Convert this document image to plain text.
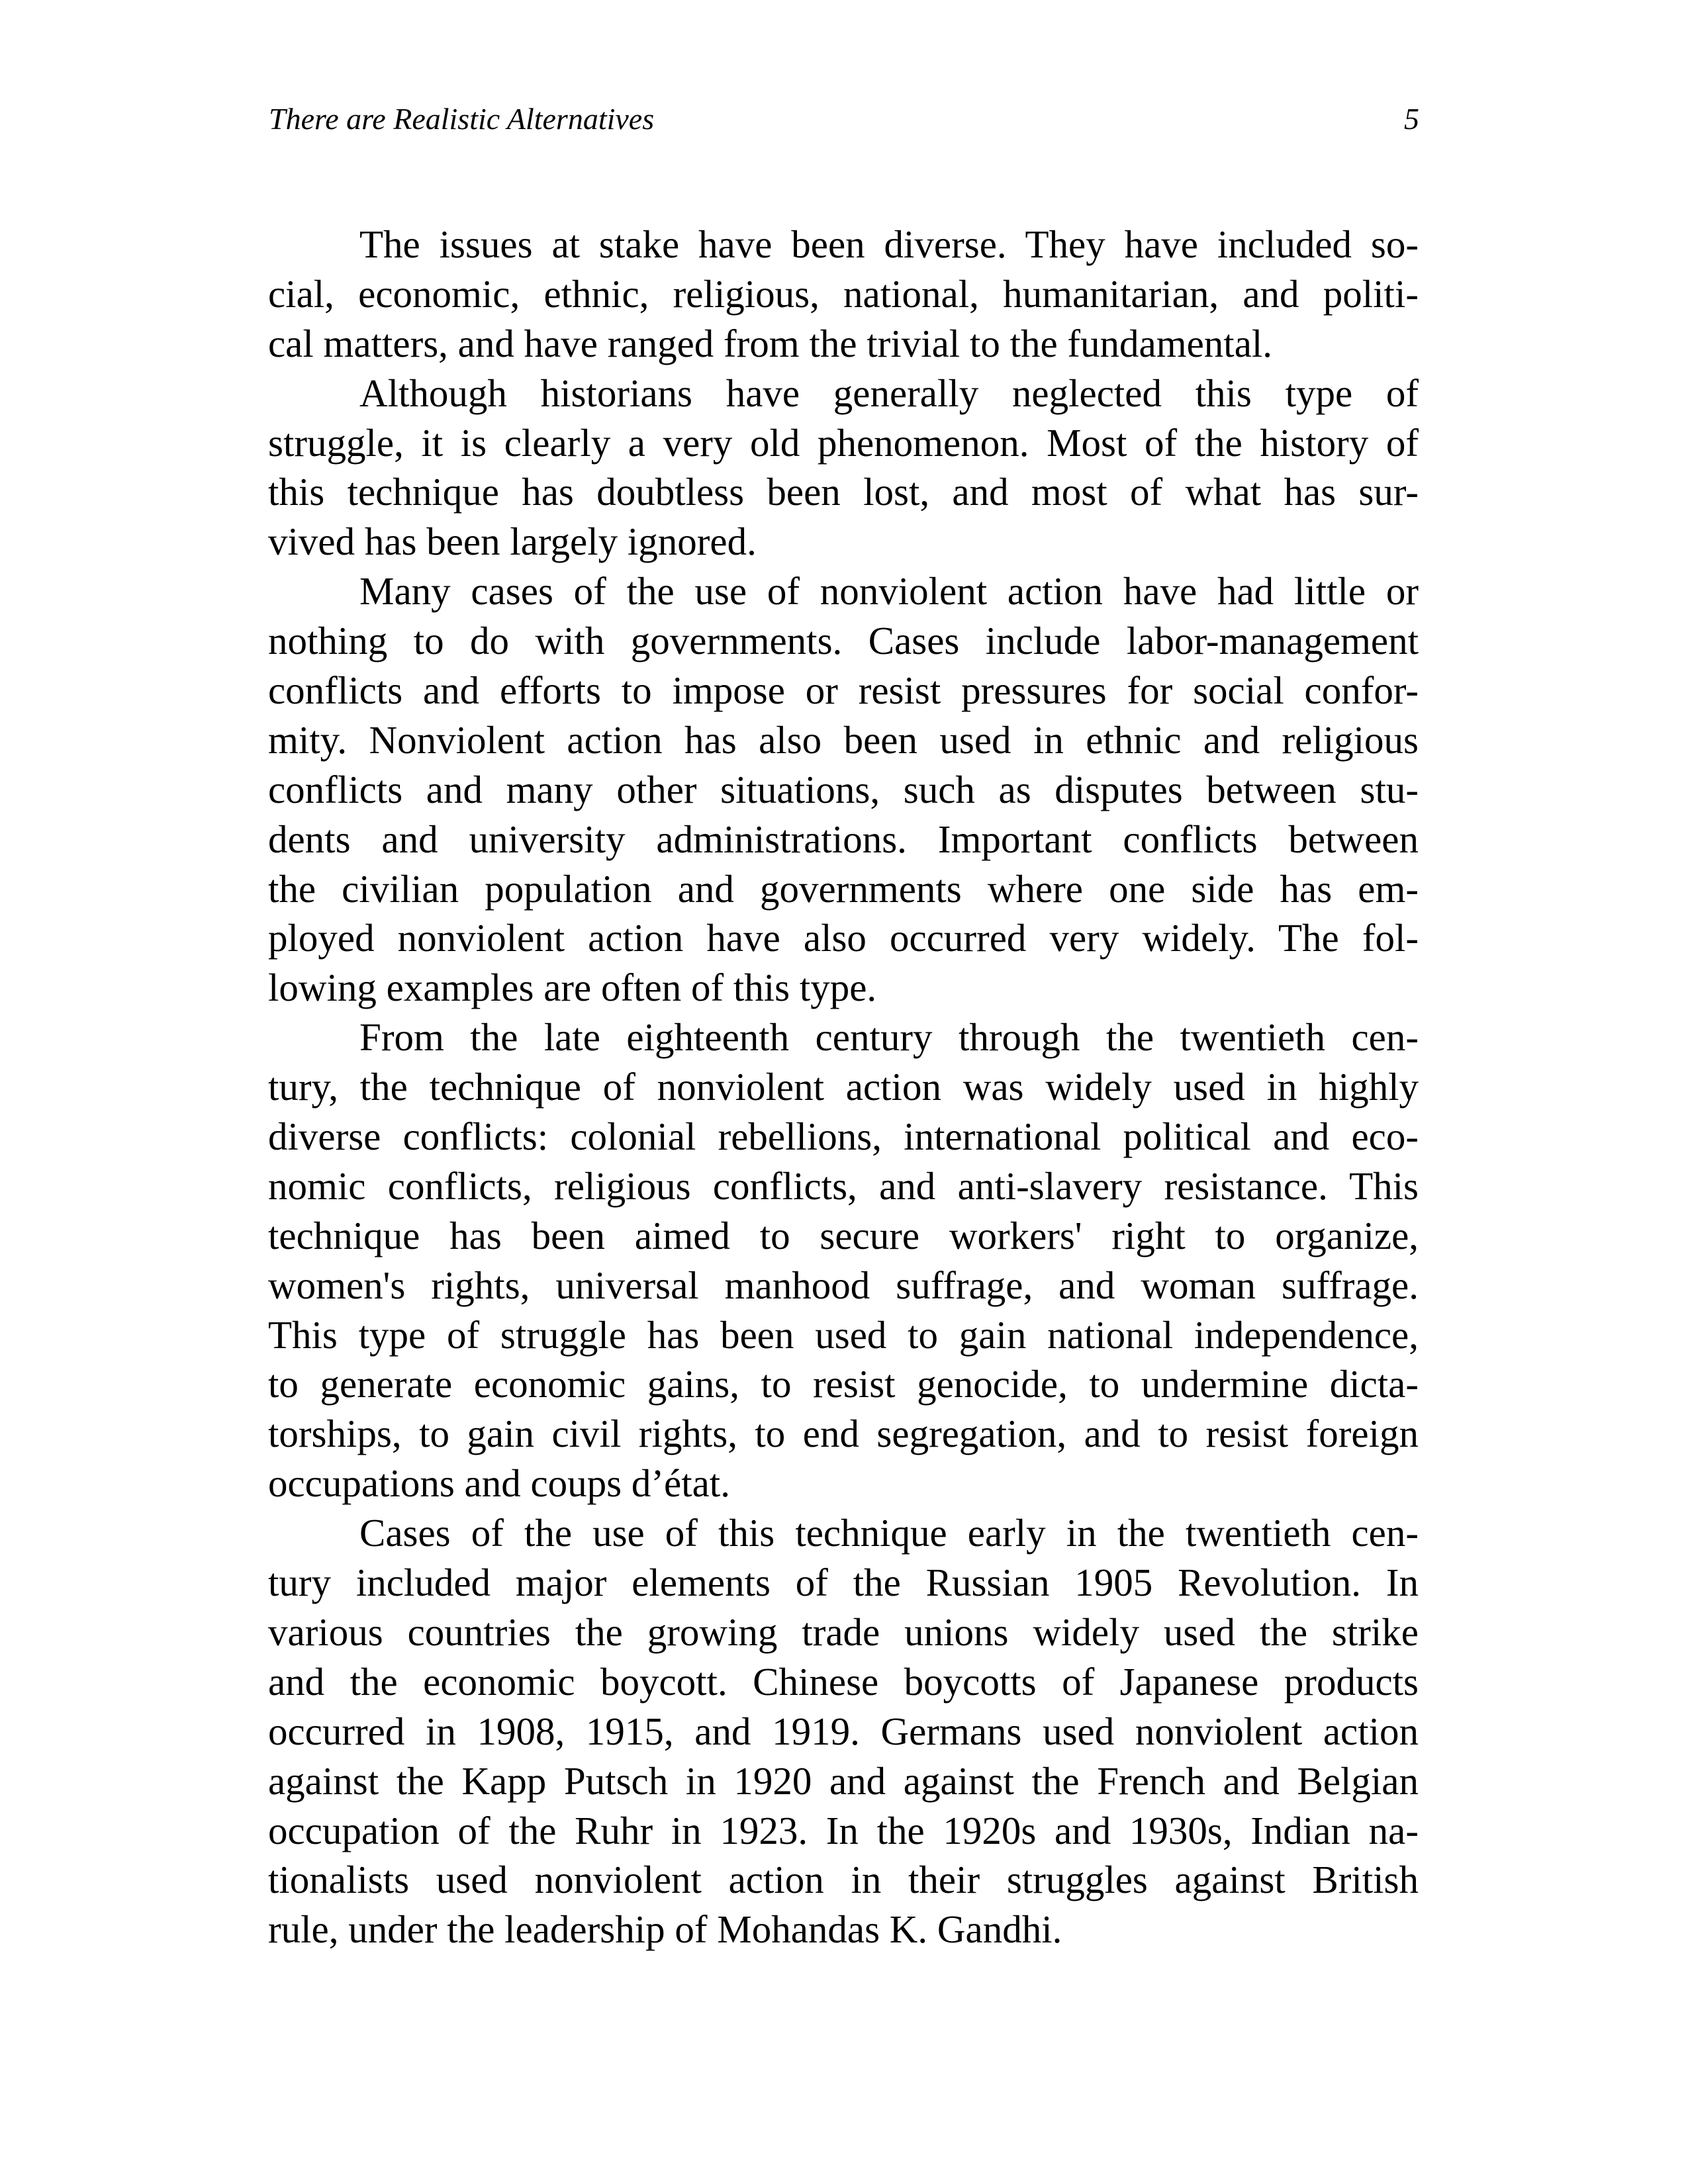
There are Realistic Alternatives	5

The issues at stake have been diverse. They have included so-
cial, economic, ethnic, religious, national, humanitarian, and politi-
cal matters, and have ranged from the trivial to the fundamental.

Although historians have generally neglected this type of
struggle, it is clearly a very old phenomenon. Most of the history of
this technique has doubtless been lost, and most of what has sur-
vived has been largely ignored.

Many cases of the use of nonviolent action have had little or
nothing to do with governments. Cases include labor-management
conflicts and efforts to impose or resist pressures for social confor-
mity. Nonviolent action has also been used in ethnic and religious
conflicts and many other situations, such as disputes between stu-
dents and university administrations. Important conflicts between
the civilian population and governments where one side has em-
ployed nonviolent action have also occurred very widely. The fol-
lowing examples are often of this type.

From the late eighteenth century through the twentieth cen-
tury, the technique of nonviolent action was widely used in highly
diverse conflicts: colonial rebellions, international political and eco-
nomic conflicts, religious conflicts, and anti-slavery resistance. This
technique has been aimed to secure workers' right to organize,
women's rights, universal manhood suffrage, and woman suffrage.
This type of struggle has been used to gain national independence,
to generate economic gains, to resist genocide, to undermine dicta-
torships, to gain civil rights, to end segregation, and to resist foreign
occupations and coups d’état.

Cases of the use of this technique early in the twentieth cen-
tury included major elements of the Russian 1905 Revolution. In
various countries the growing trade unions widely used the strike
and the economic boycott. Chinese boycotts of Japanese products
occurred in 1908, 1915, and 1919. Germans used nonviolent action
against the Kapp Putsch in 1920 and against the French and Belgian
occupation of the Ruhr in 1923. In the 1920s and 1930s, Indian na-
tionalists used nonviolent action in their struggles against British
rule, under the leadership of Mohandas K. Gandhi.
